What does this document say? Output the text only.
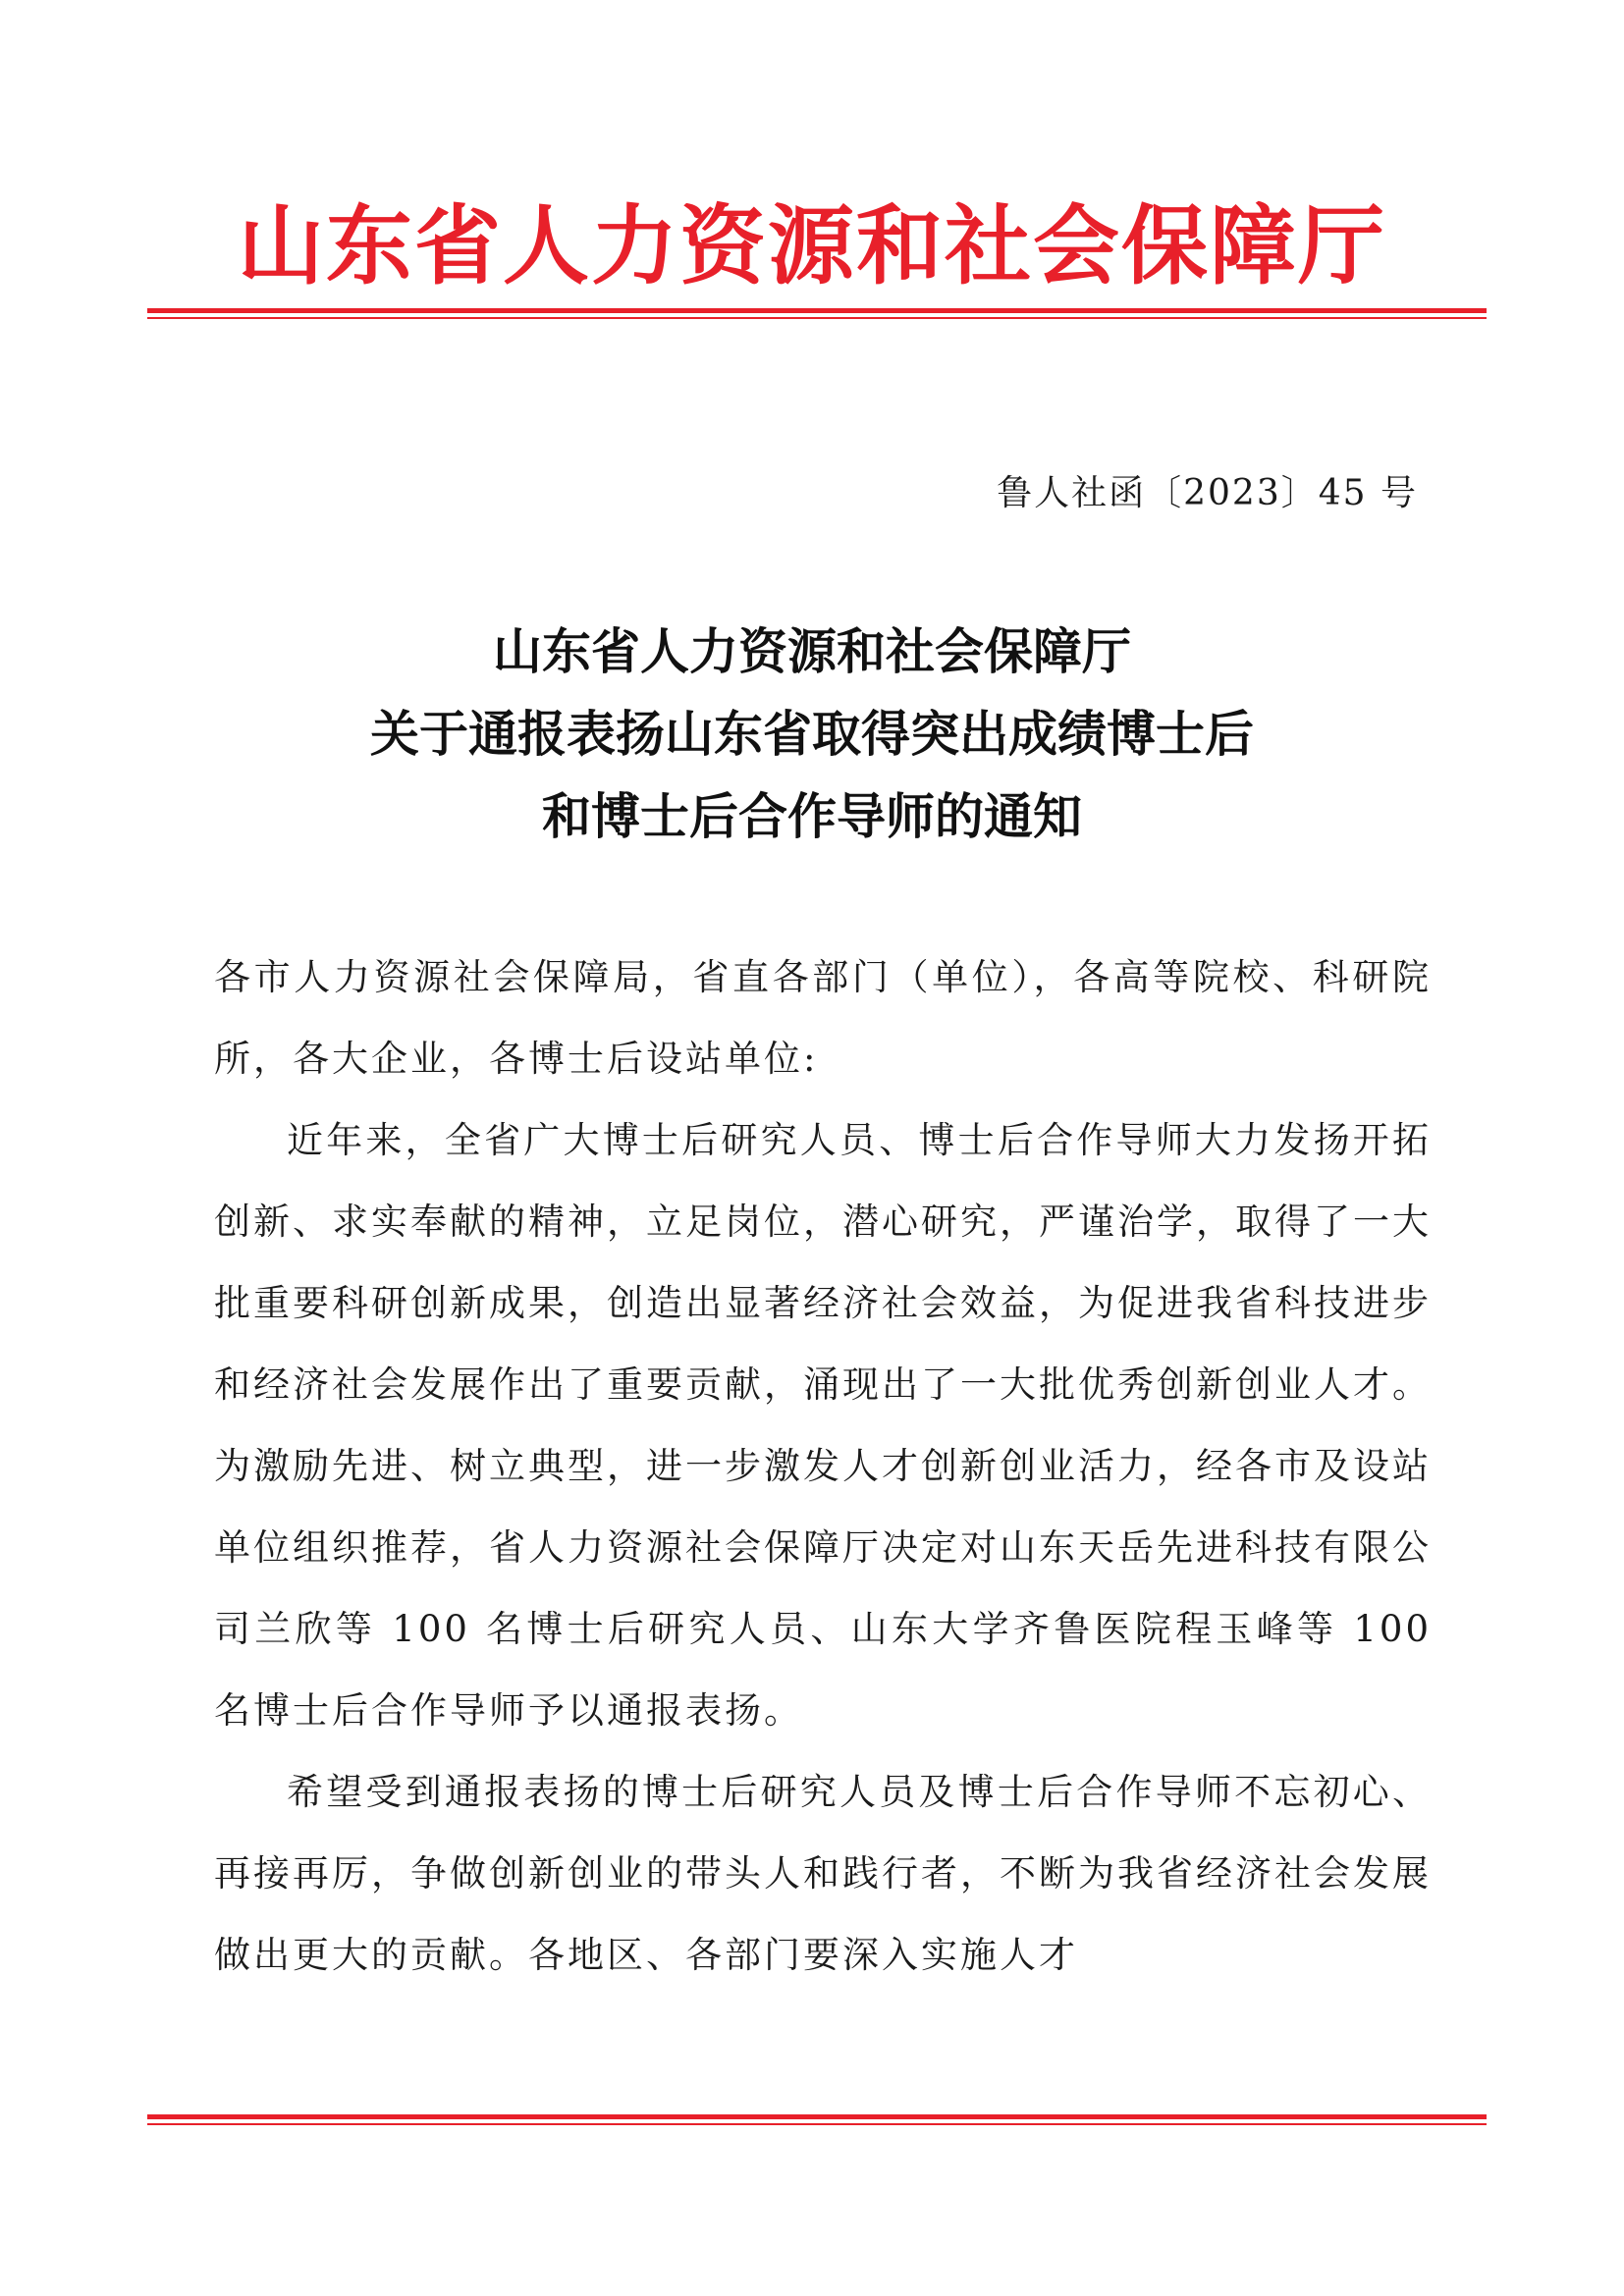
山东省人力资源和社会保障厅
鲁人社函〔2023〕45 号
山东省人力资源和社会保障厅
关于通报表扬山东省取得突出成绩博士后
和博士后合作导师的通知

各市人力资源社会保障局，省直各部门（单位），各高等院校、科研院所，各大企业，各博士后设站单位:

近年来，全省广大博士后研究人员、博士后合作导师大力发扬开拓创新、求实奉献的精神，立足岗位，潜心研究，严谨治学，取得了一大批重要科研创新成果，创造出显著经济社会效益，为促进我省科技进步和经济社会发展作出了重要贡献，涌现出了一大批优秀创新创业人才。为激励先进、树立典型，进一步激发人才创新创业活力，经各市及设站单位组织推荐，省人力资源社会保障厅决定对山东天岳先进科技有限公司兰欣等 100 名博士后研究人员、山东大学齐鲁医院程玉峰等 100 名博士后合作导师予以通报表扬。

希望受到通报表扬的博士后研究人员及博士后合作导师不忘初心、再接再厉，争做创新创业的带头人和践行者，不断为我省经济社会发展做出更大的贡献。各地区、各部门要深入实施人才
